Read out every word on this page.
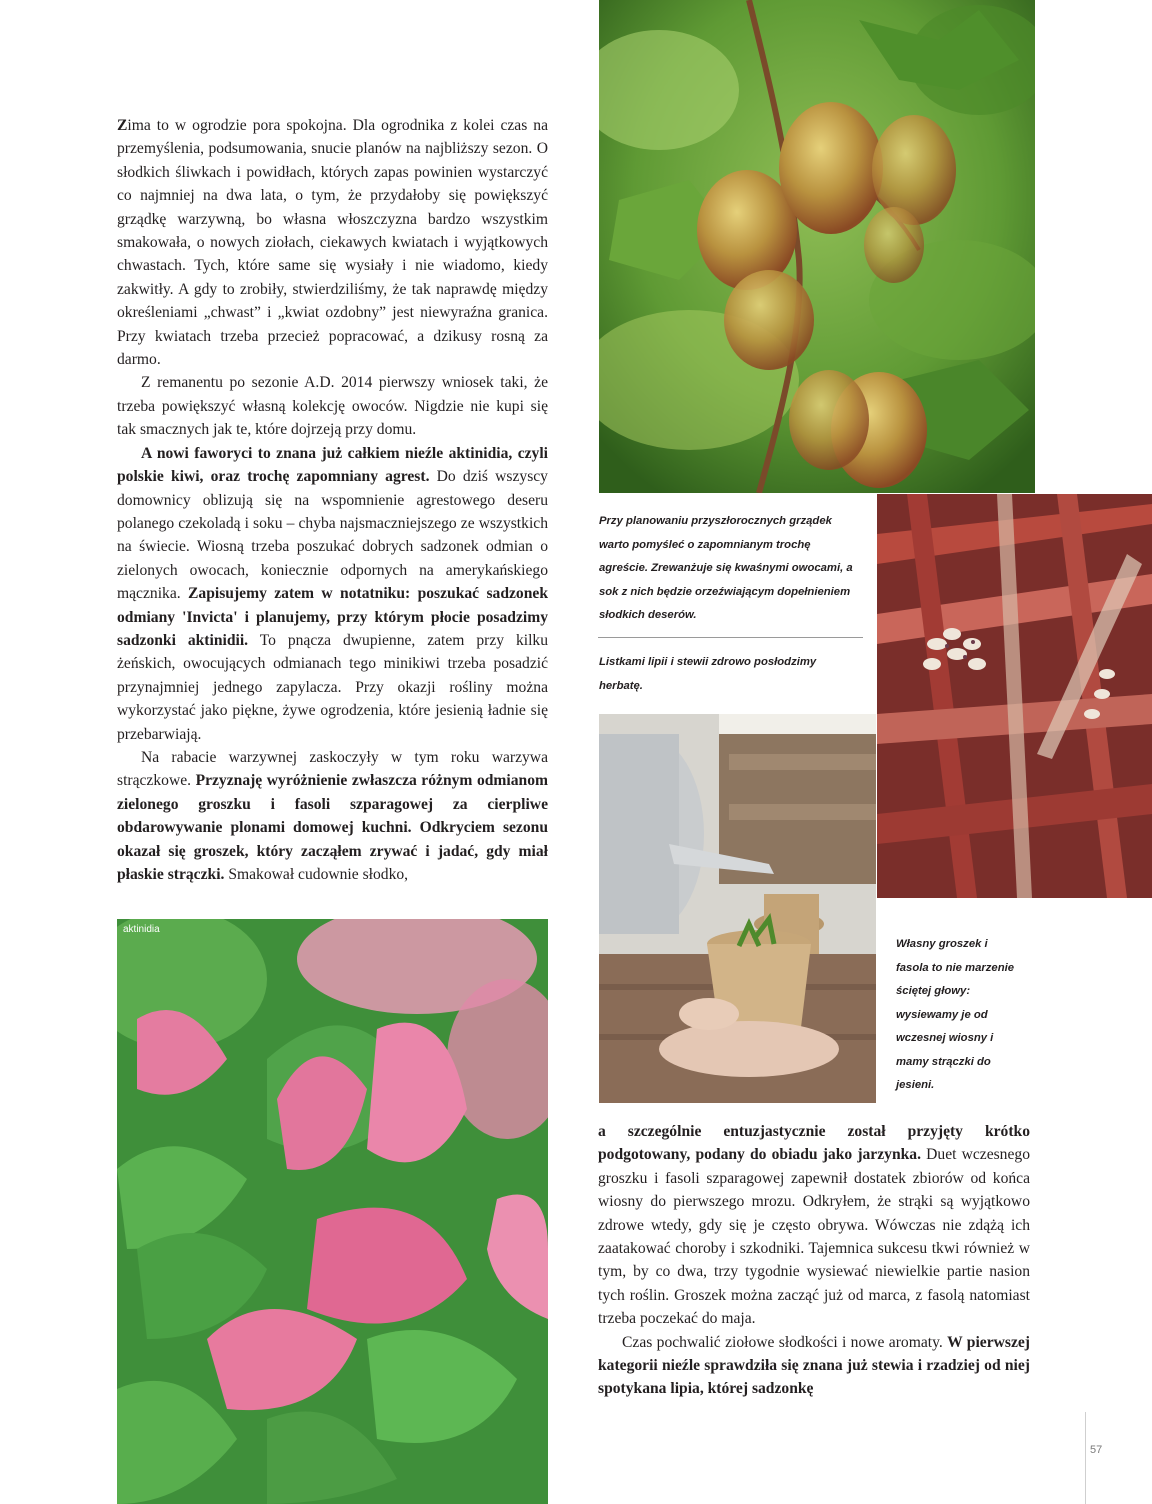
Zima to w ogrodzie pora spokojna. Dla ogrodnika z kolei czas na przemyślenia, podsumowania, snucie planów na najbliższy sezon. O słodkich śliwkach i powidłach, których zapas powinien wystarczyć co najmniej na dwa lata, o tym, że przydałoby się powiększyć grządkę warzywną, bo własna włoszczyzna bardzo wszystkim smakowała, o nowych ziołach, ciekawych kwiatach i wyjątkowych chwastach. Tych, które same się wysiały i nie wiadomo, kiedy zakwitły. A gdy to zrobiły, stwierdziliśmy, że tak naprawdę między określeniami „chwast” i „kwiat ozdobny” jest niewyraźna granica. Przy kwiatach trzeba przecież popracować, a dzikusy rosną za darmo.

Z remanentu po sezonie A.D. 2014 pierwszy wniosek taki, że trzeba powiększyć własną kolekcję owoców. Nigdzie nie kupi się tak smacznych jak te, które dojrzeją przy domu.

A nowi faworyci to znana już całkiem nieźle aktinidia, czyli polskie kiwi, oraz trochę zapomniany agrest. Do dziś wszyscy domownicy oblizują się na wspomnienie agrestowego deseru polanego czekoladą i soku – chyba najsmaczniejszego ze wszystkich na świecie. Wiosną trzeba poszukać dobrych sadzonek odmian o zielonych owocach, koniecznie odpornych na amerykańskiego mącznika. Zapisujemy zatem w notatniku: poszukać sadzonek odmiany 'Invicta' i planujemy, przy którym płocie posadzimy sadzonki aktinidii. To pnącza dwupienne, zatem przy kilku żeńskich, owocujących odmianach tego minikiwi trzeba posadzić przynajmniej jednego zapylacza. Przy okazji rośliny można wykorzystać jako piękne, żywe ogrodzenia, które jesienią ładnie się przebarwiają.

Na rabacie warzywnej zaskoczyły w tym roku warzywa strączkowe. Przyznaję wyróżnienie zwłaszcza różnym odmianom zielonego groszku i fasoli szparagowej za cierpliwe obdarowywanie plonami domowej kuchni. Odkryciem sezonu okazał się groszek, który zacząłem zrywać i jadać, gdy miał płaskie strączki. Smakował cudownie słodko,

a szczególnie entuzjastycznie został przyjęty krótko podgotowany, podany do obiadu jako jarzynka. Duet wczesnego groszku i fasoli szparagowej zapewnił dostatek zbiorów od końca wiosny do pierwszego mrozu. Odkryłem, że strąki są wyjątkowo zdrowe wtedy, gdy się je często obrywa. Wówczas nie zdążą ich zaatakować choroby i szkodniki. Tajemnica sukcesu tkwi również w tym, by co dwa, trzy tygodnie wysiewać niewielkie partie nasion tych roślin. Groszek można zacząć już od marca, z fasolą natomiast trzeba poczekać do maja.

Czas pochwalić ziołowe słodkości i nowe aromaty. W pierwszej kategorii nieźle sprawdziła się znana już stewia i rzadziej od niej spotykana lipia, której sadzonkę

Przy planowaniu przyszłorocznych grządek warto pomyśleć o zapomnianym trochę agreście. Zrewanżuje się kwaśnymi owocami, a sok z nich będzie orzeźwiającym dopełnieniem słodkich deserów.
Listkami lipii i stewii zdrowo posłodzimy herbatę.
Własny groszek i fasola to nie marzenie ściętej głowy: wysiewamy je od wczesnej wiosny i mamy strączki do jesieni.
aktinidia
57
